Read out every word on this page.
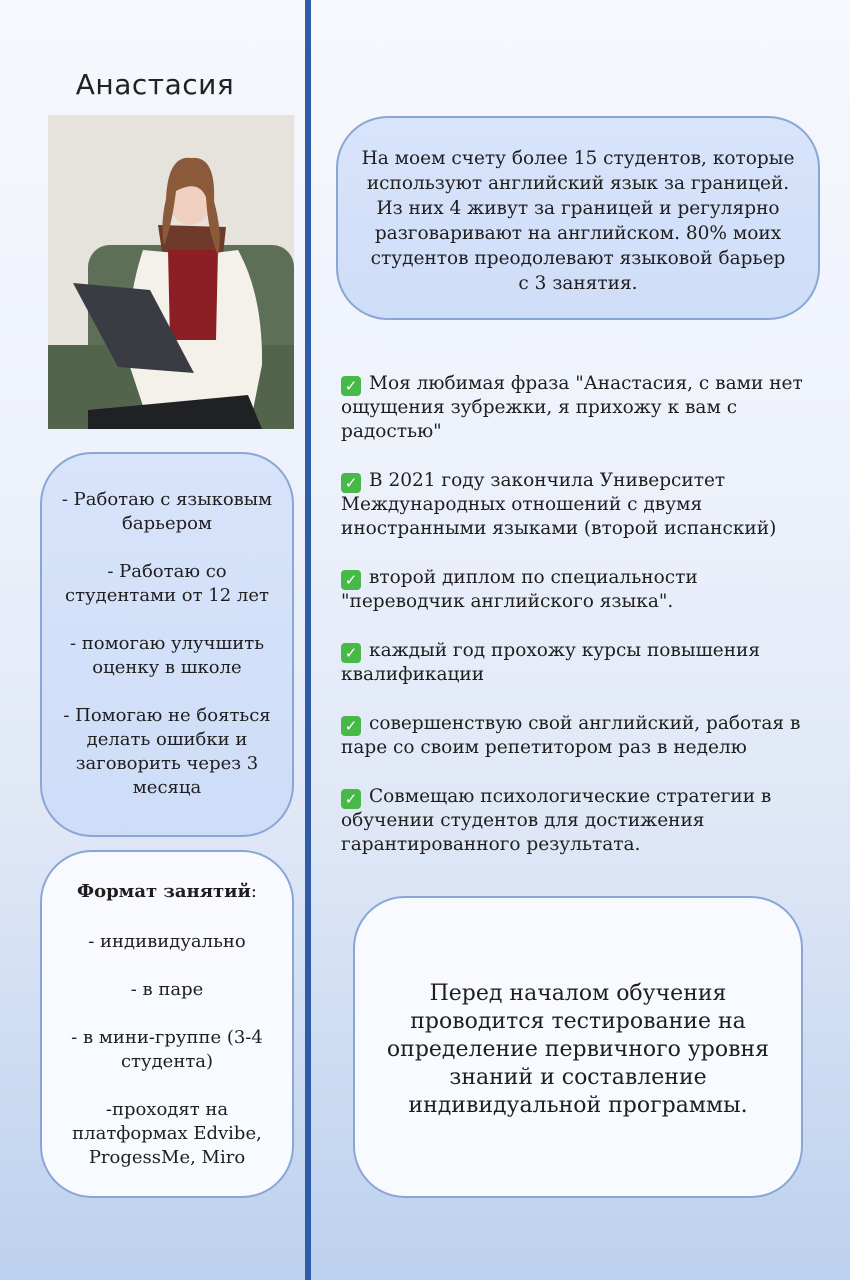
Анастасия
На моем счету более 15 студентов, которые
используют английский язык за границей.
Из них 4 живут за границей и регулярно
разговаривают на английском. 80% моих
студентов преодолевают языковой барьер
с 3 занятия.

- Работаю с языковым
барьером

- Работаю со
студентами от 12 лет

- помогаю улучшить
оценку в школе

- Помогаю не бояться
делать ошибки и
заговорить через 3
месяца

Формат занятий:

- индивидуально

- в паре

- в мини-группе (3-4
студента)

-проходят на
платформах Edvibe,
ProgessMe, Miro

✓ Моя любимая фраза "Анастасия, с вами нет
ощущения зубрежки, я прихожу к вам с
радостью"
✓ В 2021 году закончила Университет
Международных отношений с двумя
иностранными языками (второй испанский)
✓ второй диплом по специальности
"переводчик английского языка".
✓ каждый год прохожу курсы повышения
квалификации
✓ совершенствую свой английский, работая в
паре со своим репетитором раз в неделю
✓ Совмещаю психологические стратегии в
обучении студентов для достижения
гарантированного результата.
Перед началом обучения
проводится тестирование на
определение первичного уровня
знаний и составление
индивидуальной программы.
